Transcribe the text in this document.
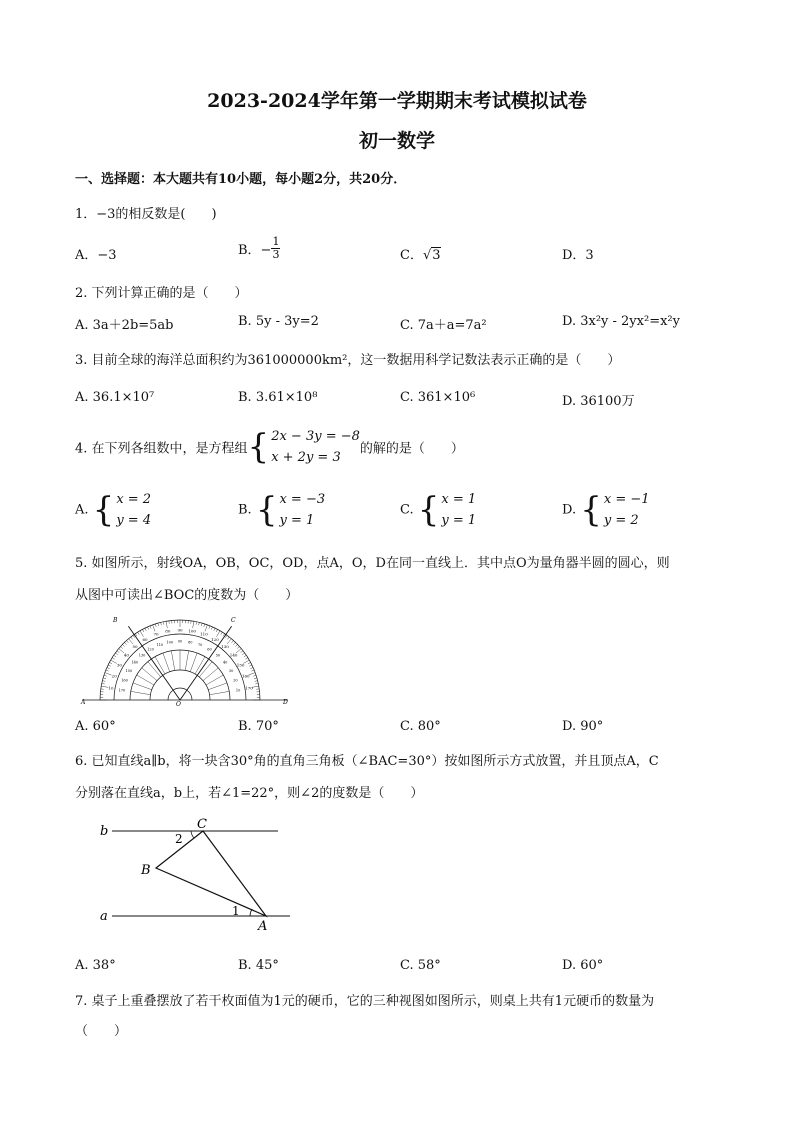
2023-2024学年第一学期期末考试模拟试卷
初一数学
一、选择题：本大题共有10小题，每小题2分，共20分．
1．−3的相反数是(　　)
A．−3	B．− $\frac{1}{3}$	C．√3	D．3
2. 下列计算正确的是（　　）
A. 3a＋2b=5ab	B. 5y - 3y=2	C. 7a＋a=7a²	D. 3x²y - 2yx²=x²y
3. 目前全球的海洋总面积约为361000000km²，这一数据用科学记数法表示正确的是（　　）
A. 36.1×10⁷	B. 3.61×10⁸	C. 361×10⁶	D. 36100万
4. 在下列各组数中，是方程组 { 2x − 3y = −8
x + 2y = 3
的解的是（　　）
A. { x = 2
y = 4
B. { x = −3
y = 1
C. { x = 1
y = 1
D. { x = −1
y = 2
5. 如图所示，射线OA，OB，OC，OD，点A，O，D在同一直线上．其中点O为量角器半圆的圆心，则
从图中可读出∠BOC的度数为（　　）
170
10
160
20
150
30
140
40
130
50
120
60
110
70
100
80
90
90
80
100
70
110
60
120
50
130
40
140
30
150
20
160
10 170
A	D
O
B	C
A. 60°	B. 70°	C. 80°	D. 90°
6. 已知直线a∥b，将一块含30°角的直角三角板（∠BAC=30°）按如图所示方式放置，并且顶点A，C
分别落在直线a，b上，若∠1=22°，则∠2的度数是（　　）
b
a
C
B
A
1
2
A. 38°	B. 45°	C. 58°	D. 60°
7. 桌子上重叠摆放了若干枚面值为1元的硬币，它的三种视图如图所示，则桌上共有1元硬币的数量为
（　　）
